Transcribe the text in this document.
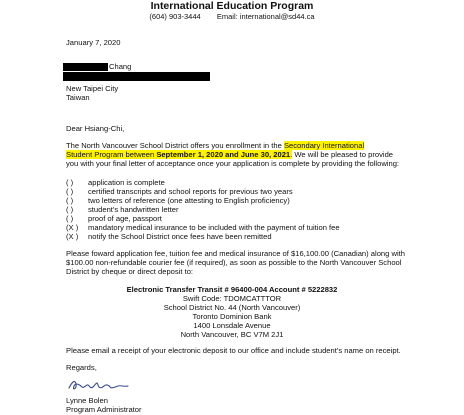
International Education Program
(604) 903-3444 Email: international@sd44.ca
January 7, 2020
Chang
New Taipei City
Taiwan
Dear Hsiang-Chi,
The North Vancouver School District offers you enrollment in the Secondary International
Student Program between September 1, 2020 and June 30, 2021. We will be pleased to provide
you with your final letter of acceptance once your application is complete by providing the following:
( ) application is complete
( ) certified transcripts and school reports for previous two years
( ) two letters of reference (one attesting to English proficiency)
( ) student's handwritten letter
( ) proof of age, passport
(X ) mandatory medical insurance to be included with the payment of tuition fee
(X ) notify the School District once fees have been remitted
Please foward application fee, tuition fee and medical insurance of $16,100.00 (Canadian) along with
$100.00 non-refundable courier fee (if required), as soon as possible to the North Vancouver School
District by cheque or direct deposit to:
Electronic Transfer Transit # 96400-004 Account # 5222832
Swift Code: TDOMCATTTOR
School District No. 44 (North Vancouver)
Toronto Dominion Bank
1400 Lonsdale Avenue
North Vancouver, BC V7M 2J1
Please email a receipt of your electronic deposit to our office and include student's name on receipt.
Regards,
Lynne Bolen
Program Administrator
